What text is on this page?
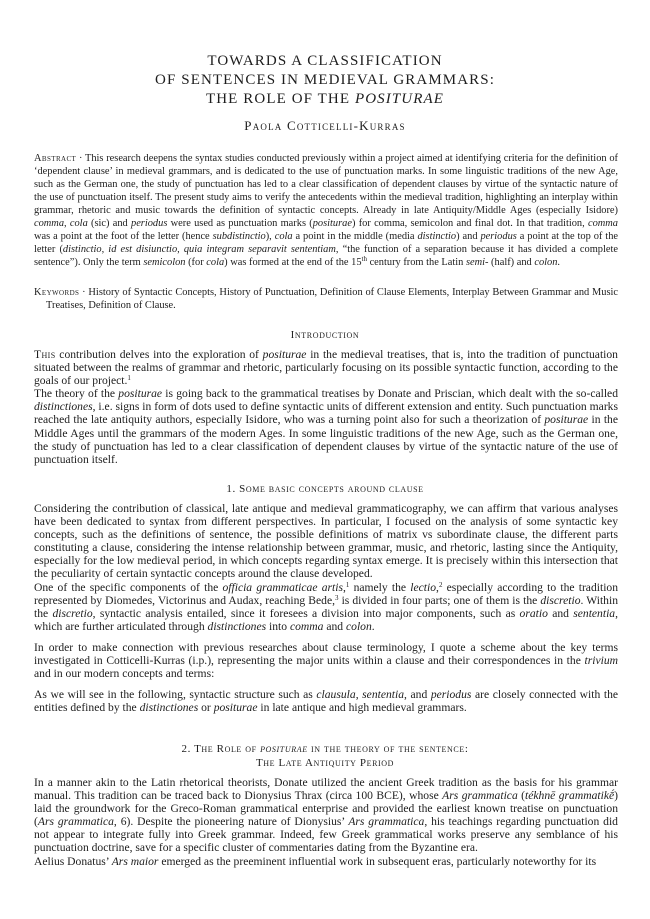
TOWARDS A CLASSIFICATION
OF SENTENCES IN MEDIEVAL GRAMMARS:
THE ROLE OF THE POSITURAE
Paola Cotticelli-Kurras
Abstract · This research deepens the syntax studies conducted previously within a project aimed at identifying criteria for the definition of ‘dependent clause’ in medieval grammars, and is dedicated to the use of punctuation marks. In some linguistic traditions of the new Age, such as the German one, the study of punctuation has led to a clear classification of dependent clauses by virtue of the syntactic nature of the use of punctuation itself. The present study aims to verify the antecedents within the medieval tradition, highlighting an interplay within grammar, rhetoric and music towards the definition of syntactic concepts. Already in late Antiquity/Middle Ages (especially Isidore) comma, cola (sic) and periodus were used as punctuation marks (positurae) for comma, semicolon and final dot. In that tradition, comma was a point at the foot of the letter (hence subdistinctio), cola a point in the middle (media distinctio) and periodus a point at the top of the letter (distinctio, id est disiunctio, quia integram separavit sententiam, “the function of a separation because it has divided a complete sentence”). Only the term semicolon (for cola) was formed at the end of the 15th century from the Latin semi- (half) and colon.
Keywords · History of Syntactic Concepts, History of Punctuation, Definition of Clause Elements, Interplay Between Grammar and Music Treatises, Definition of Clause.
Introduction

This contribution delves into the exploration of positurae in the medieval treatises, that is, into the tradition of punctuation situated between the realms of grammar and rhetoric, particularly focusing on its possible syntactic function, according to the goals of our project.$^1$

The theory of the positurae is going back to the grammatical treatises by Donate and Priscian, which dealt with the so-called distinctiones, i.e. signs in form of dots used to define syntactic units of different extension and entity. Such punctuation marks reached the late antiquity authors, especially Isidore, who was a turning point also for such a theorization of positurae in the Middle Ages until the grammars of the modern Ages. In some linguistic traditions of the new Age, such as the German one, the study of punctuation has led to a clear classification of dependent clauses by virtue of the syntactic nature of the use of punctuation itself.

1. Some basic concepts around clause

Considering the contribution of classical, late antique and medieval grammaticography, we can affirm that various analyses have been dedicated to syntax from different perspectives. In particular, I focused on the analysis of some syntactic key concepts, such as the definitions of sentence, the possible definitions of matrix vs subordinate clause, the different parts constituting a clause, considering the intense relationship between grammar, music, and rhetoric, lasting since the Antiquity, especially for the low medieval period, in which concepts regarding syntax emerge. It is precisely within this intersection that the peculiarity of certain syntactic concepts around the clause developed.

One of the specific components of the officia grammaticae artis,$^1$ namely the lectio,$^2$ especially according to the tradition represented by Diomedes, Victorinus and Audax, reaching Bede,$^3$ is divided in four parts; one of them is the discretio. Within the discretio, syntactic analysis entailed, since it foresees a division into major components, such as oratio and sententia, which are further articulated through distinctiones into comma and colon.

In order to make connection with previous researches about clause terminology, I quote a scheme about the key terms investigated in Cotticelli-Kurras (i.p.), representing the major units within a clause and their correspondences in the trivium and in our modern concepts and terms:

As we will see in the following, syntactic structure such as clausula, sententia, and periodus are closely connected with the entities defined by the distinctiones or positurae in late antique and high medieval grammars.

2. The Role of positurae in the theory of the sentence:
The Late Antiquity Period

In a manner akin to the Latin rhetorical theorists, Donate utilized the ancient Greek tradition as the basis for his grammar manual. This tradition can be traced back to Dionysius Thrax (circa 100 BCE), whose Ars grammatica (tékhnē grammatikḗ) laid the groundwork for the Greco-Roman grammatical enterprise and provided the earliest known treatise on punctuation (Ars grammatica, 6). Despite the pioneering nature of Dionysius’ Ars grammatica, his teachings regarding punctuation did not appear to integrate fully into Greek grammar. Indeed, few Greek grammatical works preserve any semblance of his punctuation doctrine, save for a specific cluster of commentaries dating from the Byzantine era.

Aelius Donatus’ Ars maior emerged as the preeminent influential work in subsequent eras, particularly noteworthy for its
